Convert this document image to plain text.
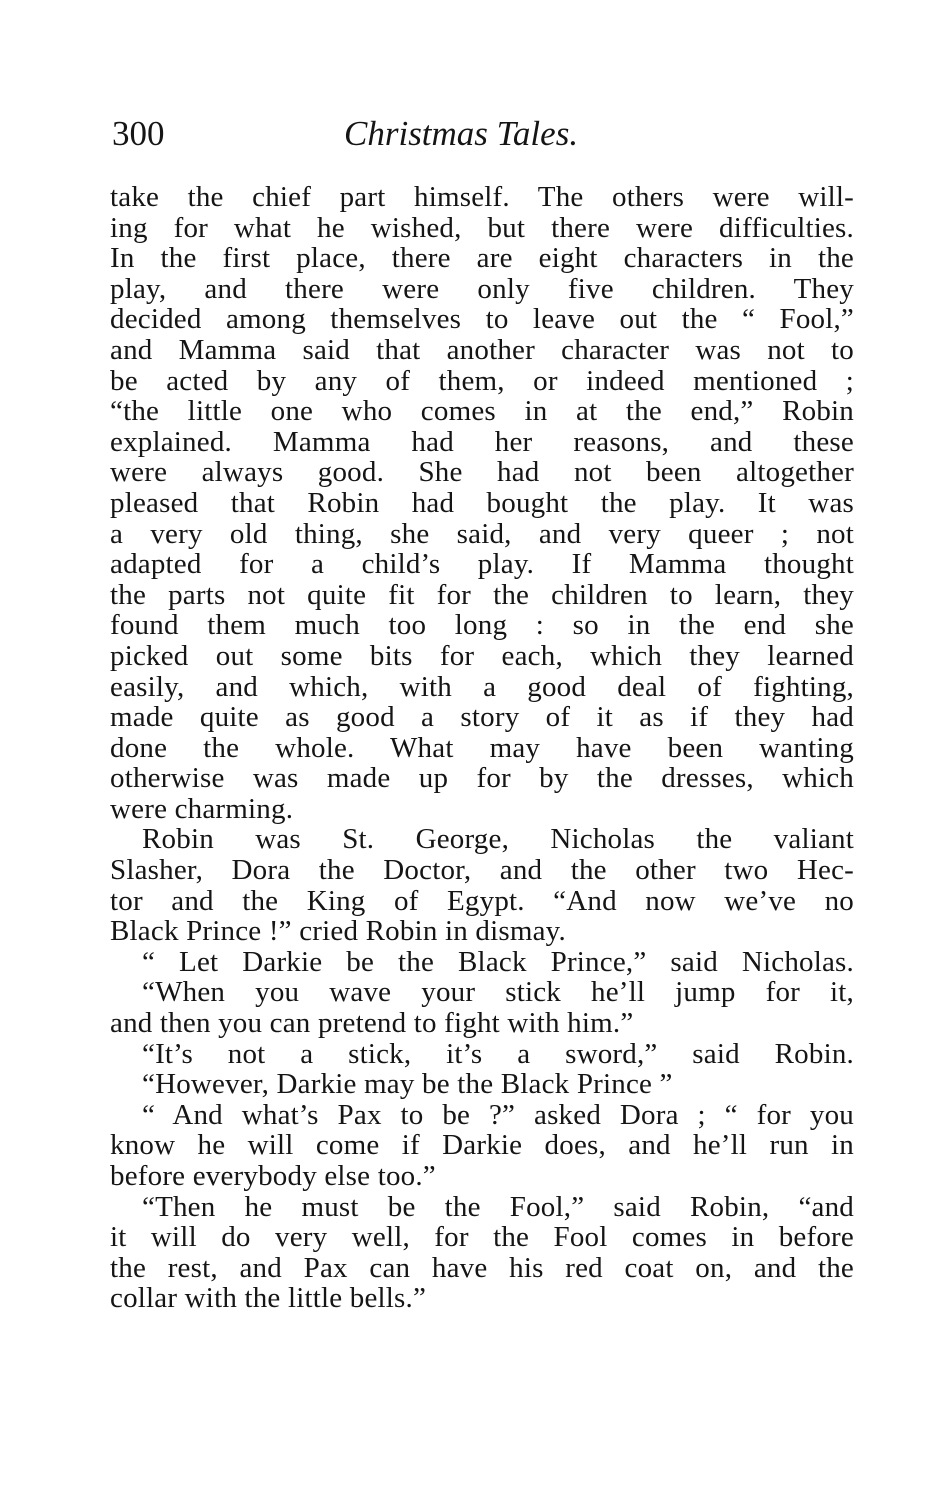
300	Christmas Tales.
take the chief part himself. The others were will-
ing for what he wished, but there were difficulties.
In the first place, there are eight characters in the
play, and there were only five children. They
decided among themselves to leave out the “ Fool,”
and Mamma said that another character was not to
be acted by any of them, or indeed mentioned ;
“the little one who comes in at the end,” Robin
explained. Mamma had her reasons, and these
were always good. She had not been altogether
pleased that Robin had bought the play. It was
a very old thing, she said, and very queer ; not
adapted for a child’s play. If Mamma thought
the parts not quite fit for the children to learn, they
found them much too long : so in the end she
picked out some bits for each, which they learned
easily, and which, with a good deal of fighting,
made quite as good a story of it as if they had
done the whole. What may have been wanting
otherwise was made up for by the dresses, which
were charming.
Robin was St. George, Nicholas the valiant
Slasher, Dora the Doctor, and the other two Hec-
tor and the King of Egypt. “And now we’ve no
Black Prince !” cried Robin in dismay.
“ Let Darkie be the Black Prince,” said Nicholas.
“When you wave your stick he’ll jump for it,
and then you can pretend to fight with him.”
“It’s not a stick, it’s a sword,” said Robin.
“However, Darkie may be the Black Prince ”
“ And what’s Pax to be ?” asked Dora ; “ for you
know he will come if Darkie does, and he’ll run in
before everybody else too.”
“Then he must be the Fool,” said Robin, “and
it will do very well, for the Fool comes in before
the rest, and Pax can have his red coat on, and the
collar with the little bells.”
